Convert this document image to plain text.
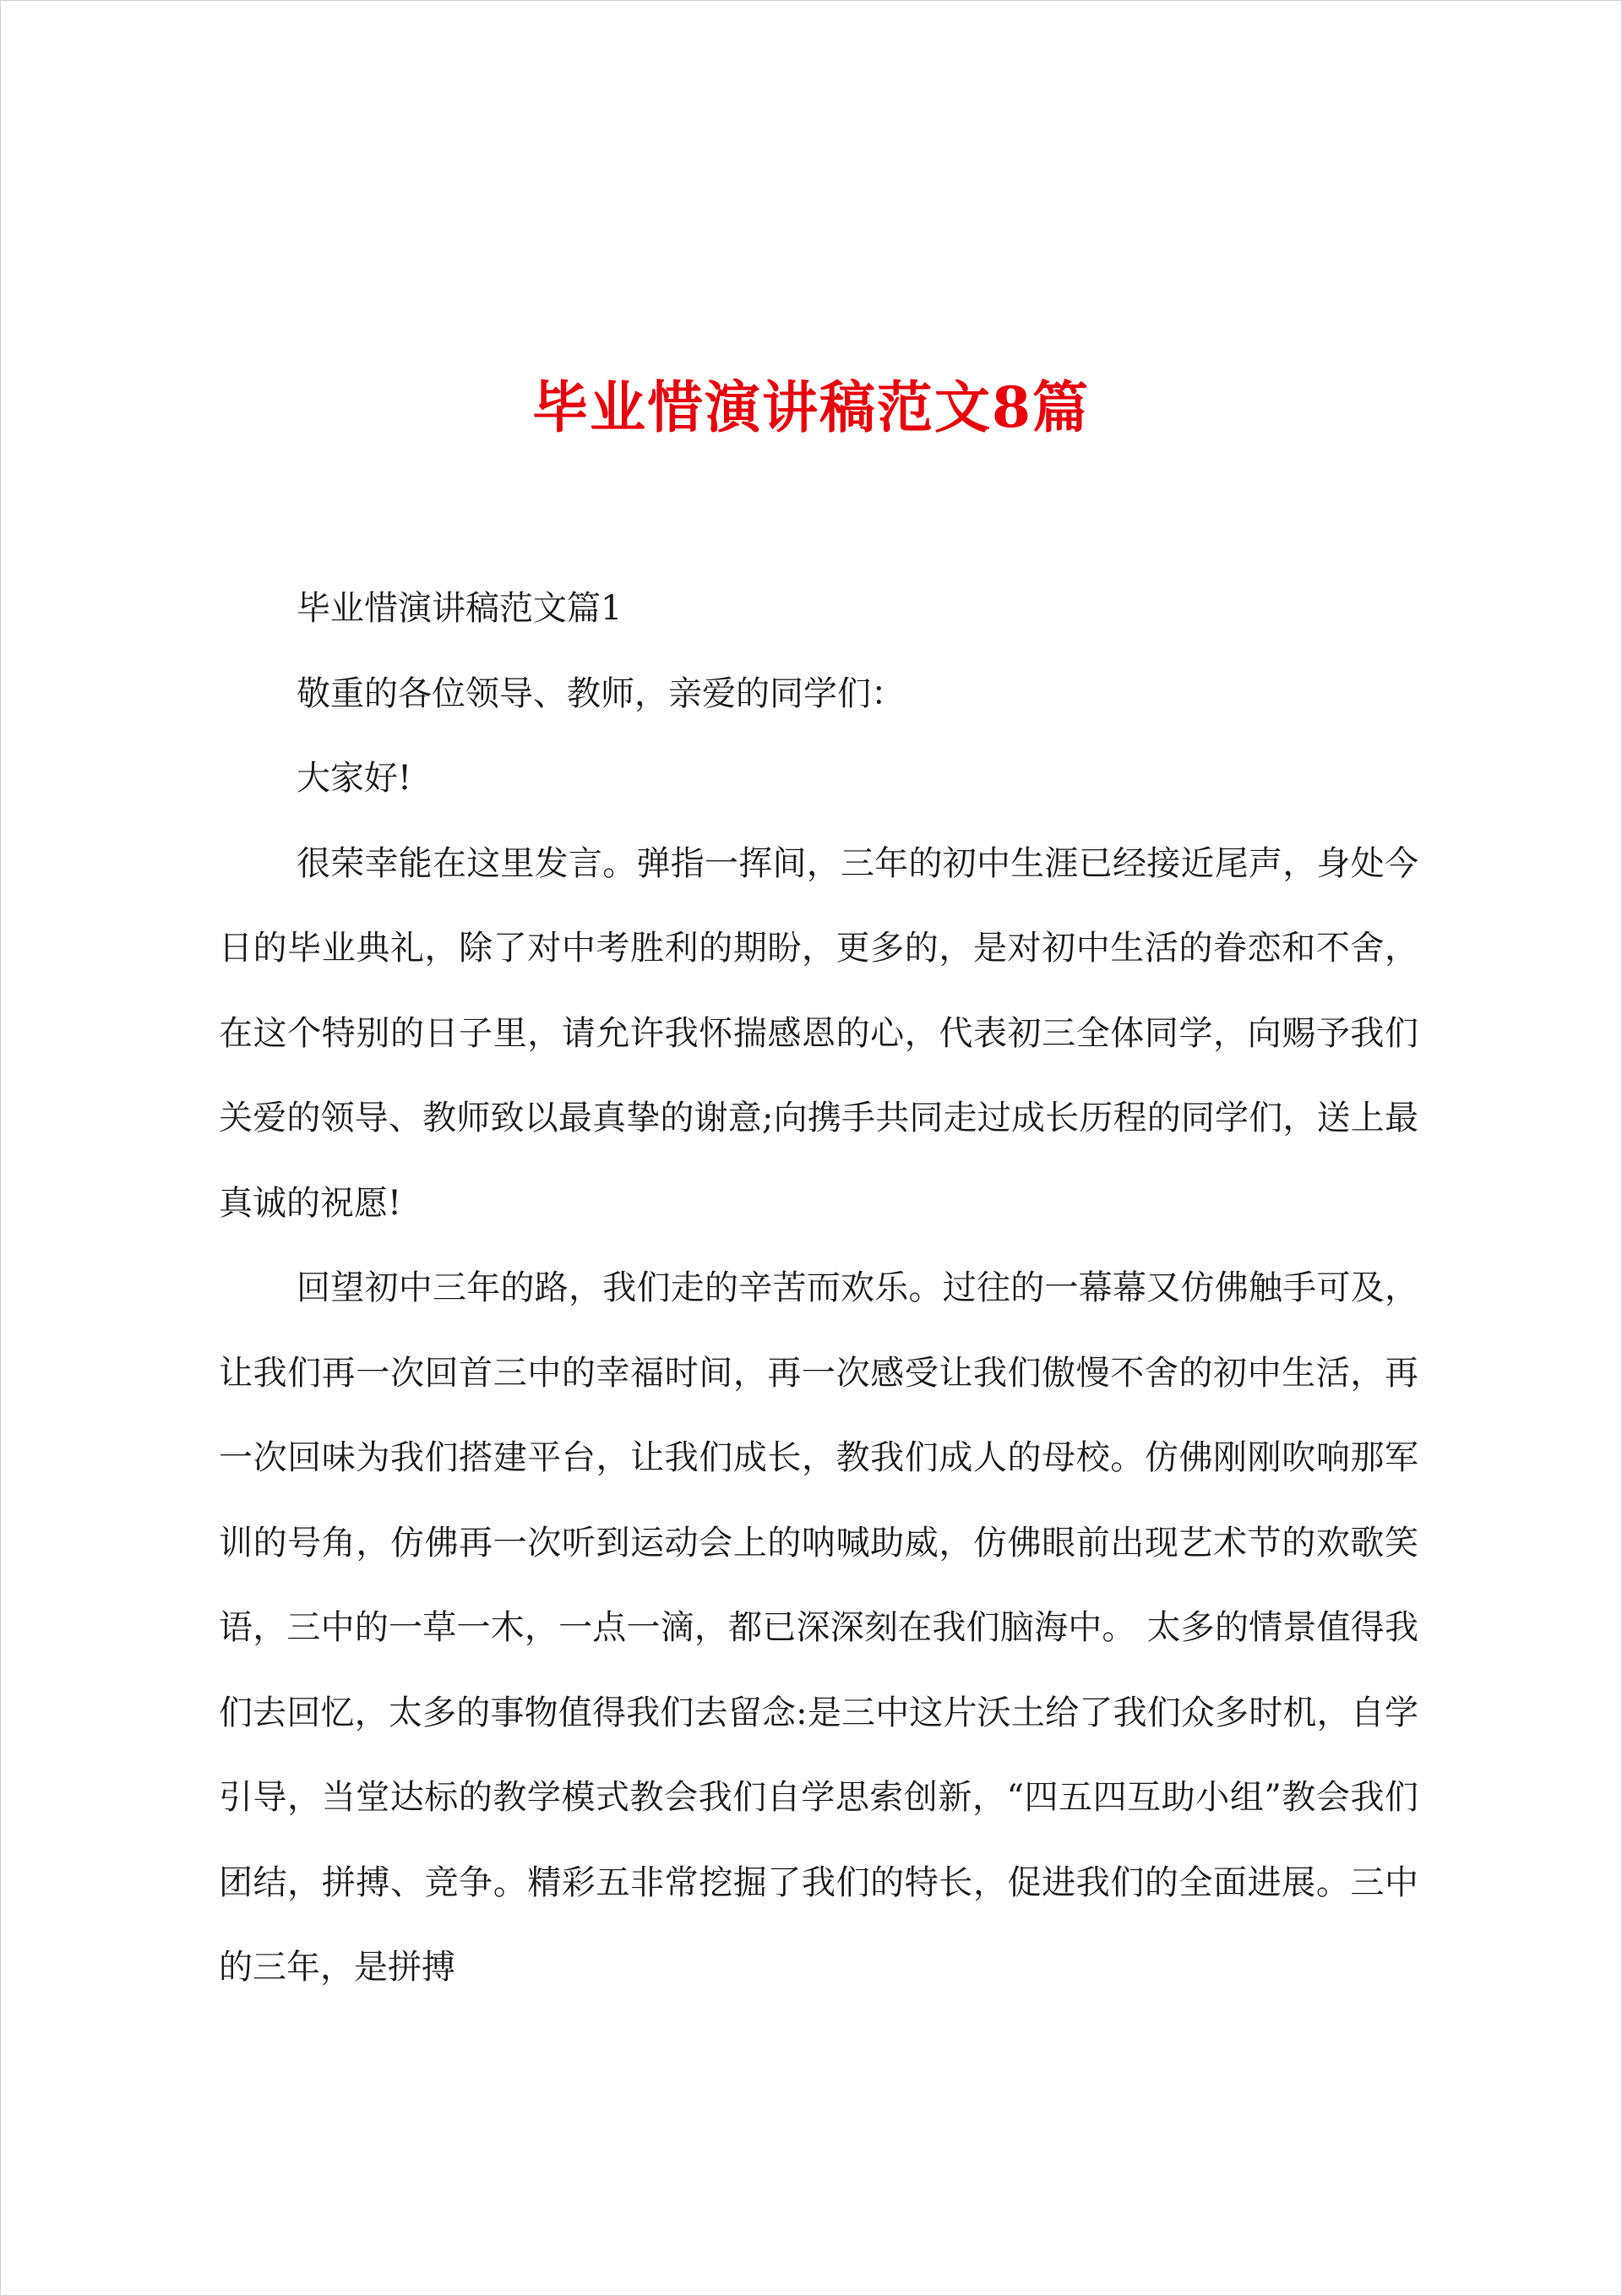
毕业惜演讲稿范文8篇

毕业惜演讲稿范文篇1

敬重的各位领导、教师，亲爱的同学们：

大家好!

很荣幸能在这里发言。弹指一挥间，三年的初中生涯已经接近尾声，身处今日的毕业典礼，除了对中考胜利的期盼，更多的，是对初中生活的眷恋和不舍，在这个特别的日子里，请允许我怀揣感恩的心，代表初三全体同学，向赐予我们关爱的领导、教师致以最真挚的谢意;向携手共同走过成长历程的同学们，送上最真诚的祝愿!

回望初中三年的路，我们走的辛苦而欢乐。过往的一幕幕又仿佛触手可及，让我们再一次回首三中的幸福时间，再一次感受让我们傲慢不舍的初中生活，再一次回味为我们搭建平台，让我们成长，教我们成人的母校。仿佛刚刚吹响那军训的号角，仿佛再一次听到运动会上的呐喊助威，仿佛眼前出现艺术节的欢歌笑语，三中的一草一木，一点一滴，都已深深刻在我们脑海中。 太多的情景值得我们去回忆，太多的事物值得我们去留念:是三中这片沃土给了我们众多时机，自学引导，当堂达标的教学模式教会我们自学思索创新，“四五四互助小组”教会我们团结，拼搏、竞争。精彩五非常挖掘了我们的特长，促进我们的全面进展。三中的三年，是拼搏
